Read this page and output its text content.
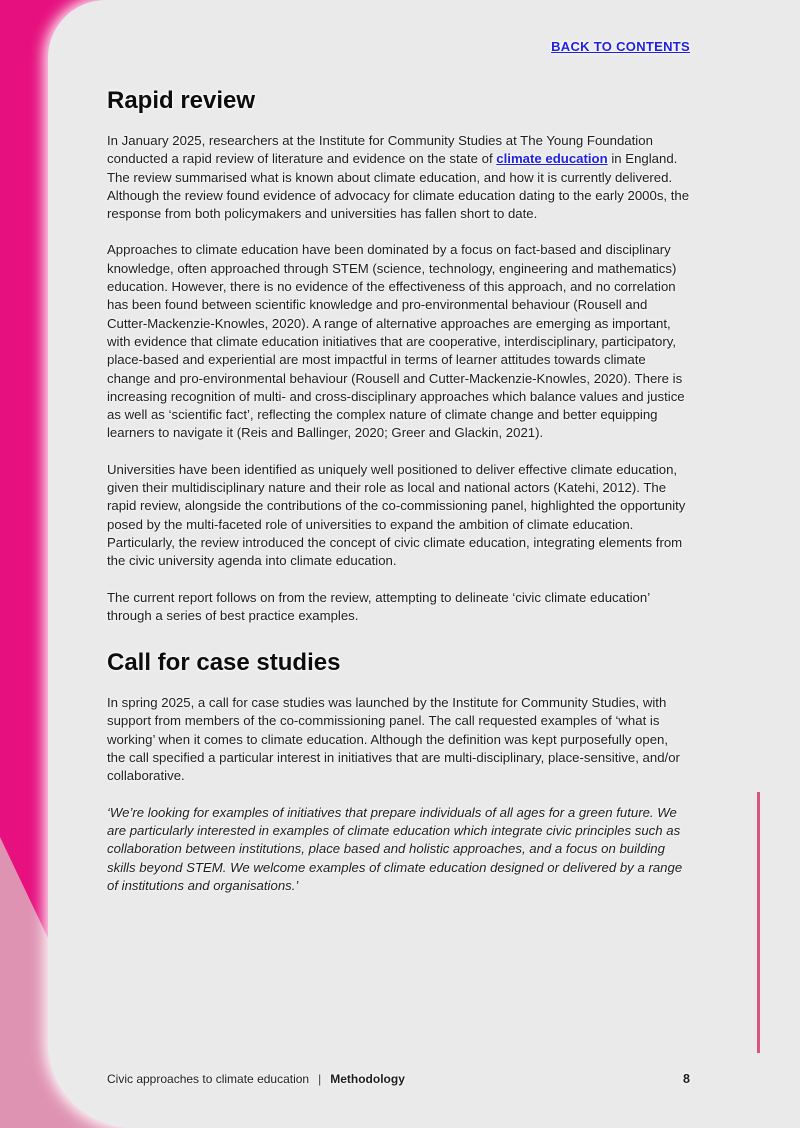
BACK TO CONTENTS
Rapid review

In January 2025, researchers at the Institute for Community Studies at The Young Foundation conducted a rapid review of literature and evidence on the state of climate education in England. The review summarised what is known about climate education, and how it is currently delivered. Although the review found evidence of advocacy for climate education dating to the early 2000s, the response from both policymakers and universities has fallen short to date.

Approaches to climate education have been dominated by a focus on fact-based and disciplinary knowledge, often approached through STEM (science, technology, engineering and mathematics) education. However, there is no evidence of the effectiveness of this approach, and no correlation has been found between scientific knowledge and pro-environmental behaviour (Rousell and Cutter-Mackenzie-Knowles, 2020). A range of alternative approaches are emerging as important, with evidence that climate education initiatives that are cooperative, interdisciplinary, participatory, place-based and experiential are most impactful in terms of learner attitudes towards climate change and pro-environmental behaviour (Rousell and Cutter-Mackenzie-Knowles, 2020). There is increasing recognition of multi- and cross-disciplinary approaches which balance values and justice as well as ‘scientific fact’, reflecting the complex nature of climate change and better equipping learners to navigate it (Reis and Ballinger, 2020; Greer and Glackin, 2021).

Universities have been identified as uniquely well positioned to deliver effective climate education, given their multidisciplinary nature and their role as local and national actors (Katehi, 2012). The rapid review, alongside the contributions of the co-commissioning panel, highlighted the opportunity posed by the multi-faceted role of universities to expand the ambition of climate education. Particularly, the review introduced the concept of civic climate education, integrating elements from the civic university agenda into climate education.

The current report follows on from the review, attempting to delineate ‘civic climate education’ through a series of best practice examples.

Call for case studies

In spring 2025, a call for case studies was launched by the Institute for Community Studies, with support from members of the co-commissioning panel. The call requested examples of ‘what is working’ when it comes to climate education. Although the definition was kept purposefully open, the call specified a particular interest in initiatives that are multi-disciplinary, place-sensitive, and/or collaborative.

‘We’re looking for examples of initiatives that prepare individuals of all ages for a green future. We are particularly interested in examples of climate education which integrate civic principles such as collaboration between institutions, place based and holistic approaches, and a focus on building skills beyond STEM. We welcome examples of climate education designed or delivered by a range of institutions and organisations.’

Civic approaches to climate education | Methodology	8
